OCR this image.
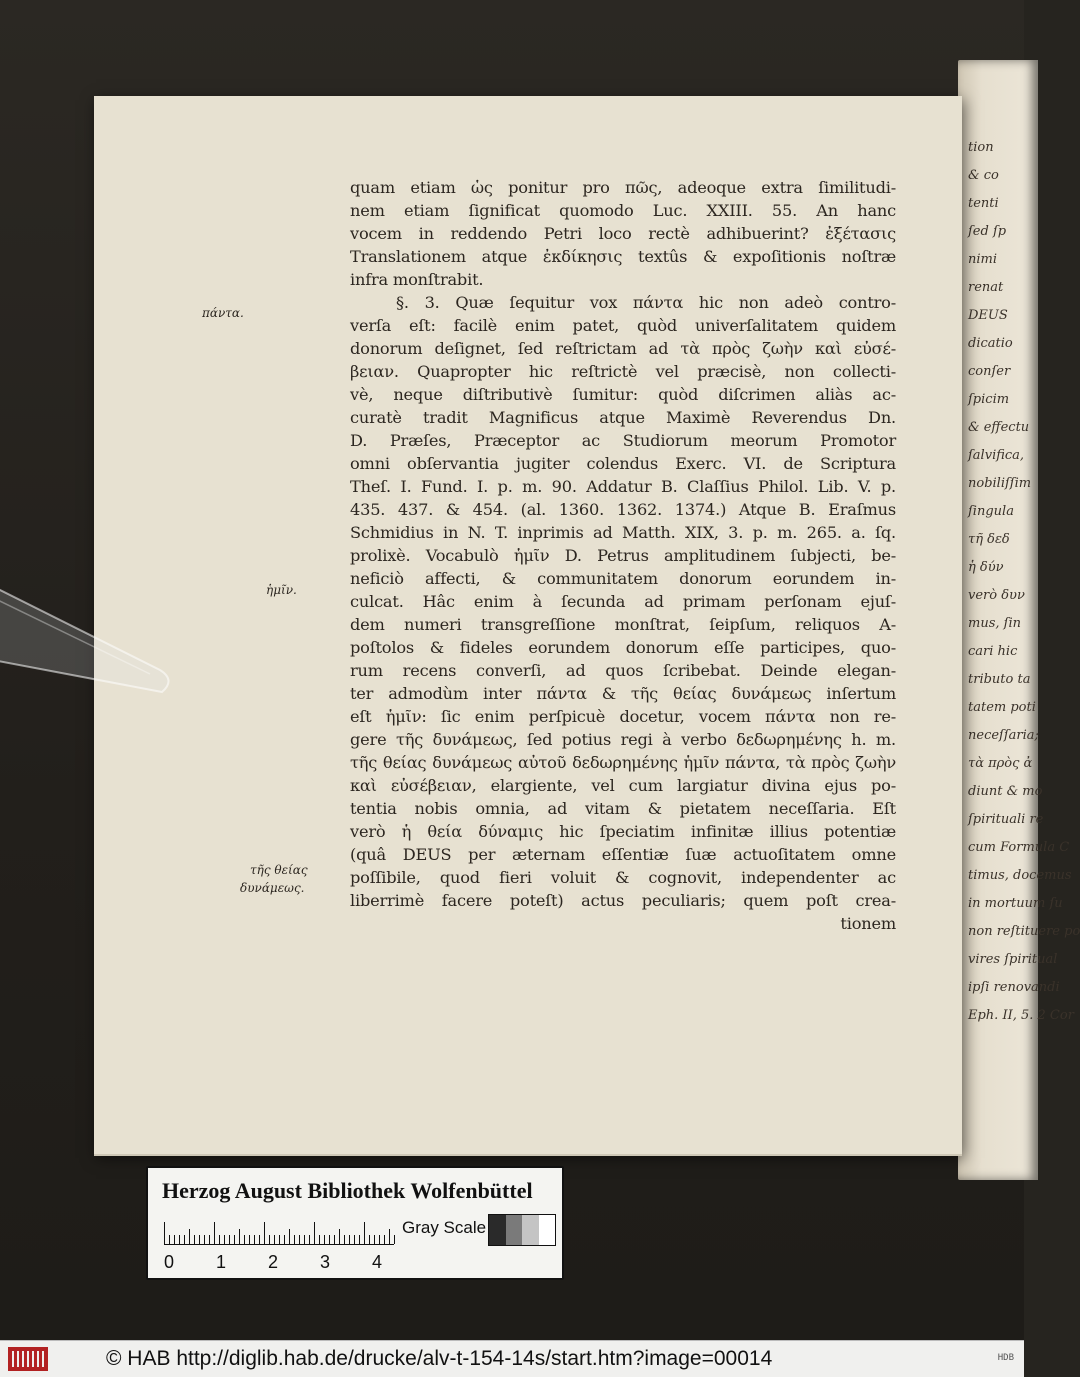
tion
& co
tenti
ſed ſp
nimi
renat
DEUS
dicatio
conſer
ſpicim
& effectu
ſalvifica,
nobiliſſim
ſingula
τῆ δεδ
ἡ δύν
verò δυν
mus, ſin
cari hic
tributo ta
tatem poti
neceſſaria;
τὰ πρὸς ἀ
diunt & mo
ſpirituali re
cum Formula C
timus, docemus
in mortuum ſu
non reſtituere po
vires ſpiritual
ipſi renovandi
Eph. II, 5. 2 Cor
quam etiam ὡς ponitur pro πῶς, adeoque extra ſimilitudi-
nem etiam ſignificat quomodo Luc. XXIII. 55. An hanc
vocem in reddendo Petri loco rectè adhibuerint? ἐξέτασις
Translationem atque ἐκδίκησις textûs & expoſitionis noſtræ
infra monſtrabit.
§. 3. Quæ ſequitur vox πάντα hic non adeò contro-
verſa eſt: facilè enim patet, quòd univerſalitatem quidem
donorum deſignet, ſed reſtrictam ad τὰ πρὸς ζωὴν καὶ εὐσέ-
βειαν. Quapropter hic reſtrictè vel præcisè, non collecti-
vè, neque diſtributivè ſumitur: quòd diſcrimen aliàs ac-
curatè tradit Magnificus atque Maximè Reverendus Dn.
D. Præſes, Præceptor ac Studiorum meorum Promotor
omni obſervantia jugiter colendus Exerc. VI. de Scriptura
Theſ. I. Fund. I. p. m. 90. Addatur B. Claſſius Philol. Lib. V. p.
435. 437. & 454. (al. 1360. 1362. 1374.) Atque B. Eraſmus
Schmidius in N. T. inprimis ad Matth. XIX, 3. p. m. 265. a. ſq.
prolixè. Vocabulò ἡμῖν D. Petrus amplitudinem ſubjecti, be-
neficiò affecti, & communitatem donorum eorundem in-
culcat. Hâc enim à ſecunda ad primam perſonam ejuſ-
dem numeri transgreſſione monſtrat, ſeipſum, reliquos A-
poſtolos & fideles eorundem donorum eſſe participes, quo-
rum recens converſi, ad quos ſcribebat. Deinde elegan-
ter admodùm inter πάντα & τῆς θείας δυνάμεως inſertum
eſt ἡμῖν: ſic enim perſpicuè docetur, vocem πάντα non re-
gere τῆς δυνάμεως, ſed potius regi à verbo δεδωρημένης h. m.
τῆς θείας δυνάμεως αὐτοῦ δεδωρημένης ἡμῖν πάντα, τὰ πρὸς ζωὴν
καὶ εὐσέβειαν, elargiente, vel cum largiatur divina ejus po-
tentia nobis omnia, ad vitam & pietatem neceſſaria. Eſt
verò ἡ θεία δύναμις hic ſpeciatim infinitæ illius potentiæ
(quâ DEUS per æternam eſſentiæ ſuæ actuoſitatem omne
poſſibile, quod fieri voluit & cognovit, independenter ac
liberrimè facere poteſt) actus peculiaris; quem poſt crea-
tionem
πάντα.
ἡμῖν.
τῆς θείας
δυνάμεως.
Herzog August Bibliothek Wolfenbüttel
0 1 2 3 4
Gray Scale
© HAB http://diglib.hab.de/drucke/alv-t-154-14s/start.htm?image=00014	HDB
